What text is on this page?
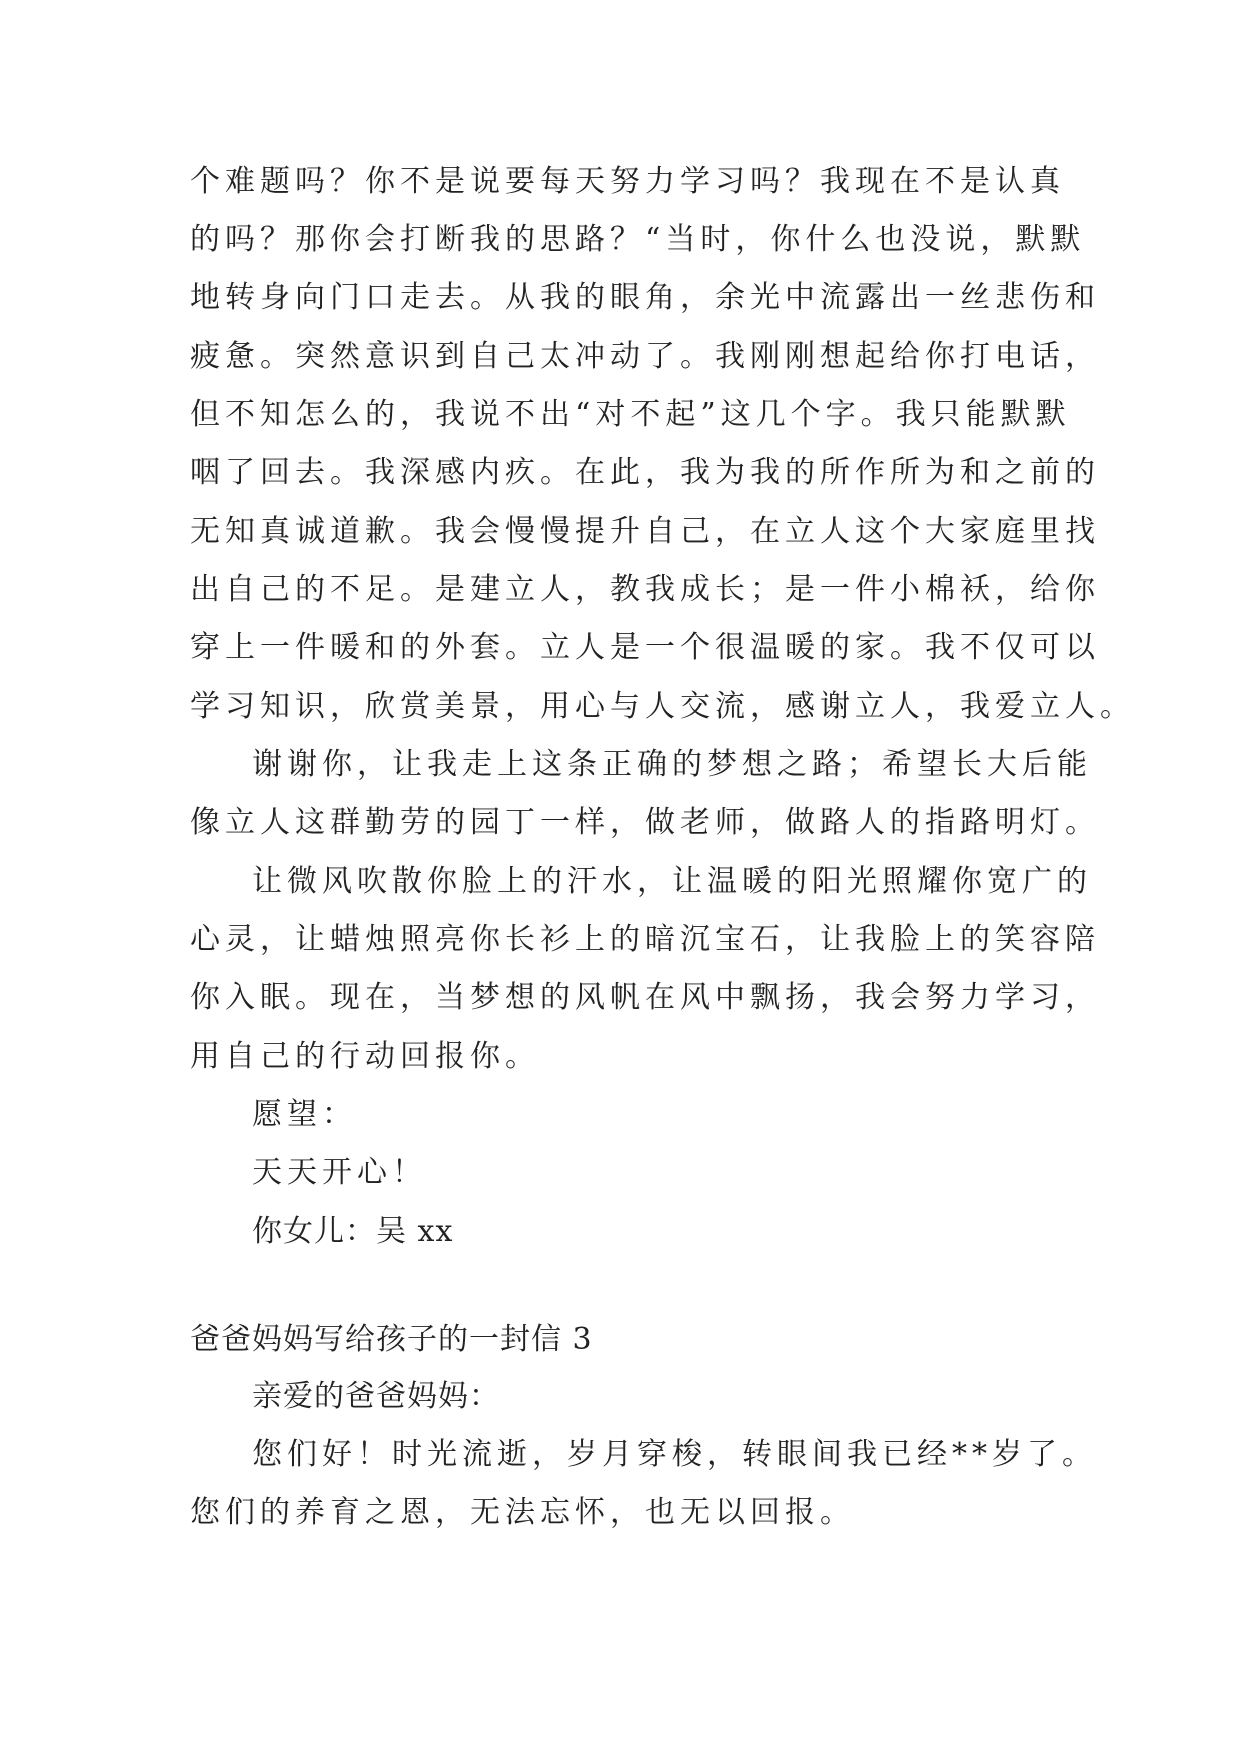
个难题吗？你不是说要每天努力学习吗？我现在不是认真
的吗？那你会打断我的思路？“当时，你什么也没说，默默
地转身向门口走去。从我的眼角，余光中流露出一丝悲伤和
疲惫。突然意识到自己太冲动了。我刚刚想起给你打电话，
但不知怎么的，我说不出“对不起”这几个字。我只能默默
咽了回去。我深感内疚。在此，我为我的所作所为和之前的
无知真诚道歉。我会慢慢提升自己，在立人这个大家庭里找
出自己的不足。是建立人，教我成长；是一件小棉袄，给你
穿上一件暖和的外套。立人是一个很温暖的家。我不仅可以
学习知识，欣赏美景，用心与人交流，感谢立人，我爱立人。
谢谢你，让我走上这条正确的梦想之路；希望长大后能
像立人这群勤劳的园丁一样，做老师，做路人的指路明灯。
让微风吹散你脸上的汗水，让温暖的阳光照耀你宽广的
心灵，让蜡烛照亮你长衫上的暗沉宝石，让我脸上的笑容陪
你入眠。现在，当梦想的风帆在风中飘扬，我会努力学习，
用自己的行动回报你。
愿望：
天天开心！
你女儿：吴 xx
爸爸妈妈写给孩子的一封信 3
亲爱的爸爸妈妈：
您们好！时光流逝，岁月穿梭，转眼间我已经**岁了。
您们的养育之恩，无法忘怀，也无以回报。
